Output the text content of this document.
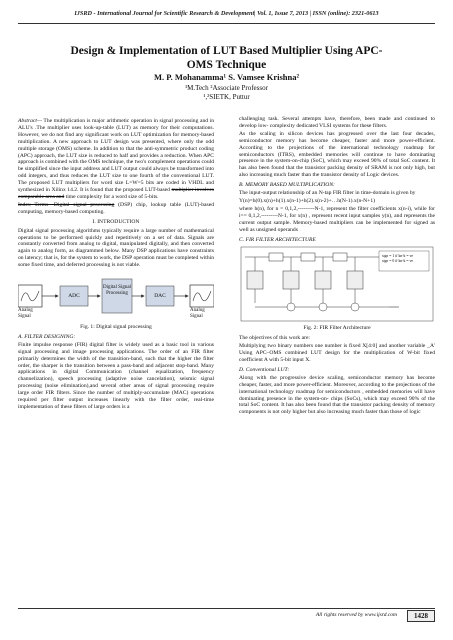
IJSRD - International Journal for Scientific Research & Development| Vol. 1, Issue 7, 2013 | ISSN (online): 2321-0613
Design & Implementation of LUT Based Multiplier Using APC-
OMS Technique
M. P. Mohanamma¹ S. Vamsee Krishna²
¹M.Tech ²Associate Professor
¹,²SIETK, Puttur

Abstract— The multiplication is major arithmetic operation in signal processing and in ALU's .The multiplier uses look-up-table (LUT) as memory for their computations. However, we do not find any significant work on LUT optimization for memory-based multiplication. A new approach to LUT design was presented, where only the odd multiple storage (OMS) scheme. In addition to that the anti-symmetric product coding (APC) approach, the LUT size is reduced to half and provides a reduction. When APC approach is combined with the OMS technique, the two's complement operations could be simplified since the input address and LUT output could always be transformed into odd integers, and thus reduces the LUT size to one fourth of the conventional LUT. The proposed LUT multipliers for word size L=W=5 bits are coded in VHDL and synthesized in Xilinx 14.2. It is found that the proposed LUT-based multiplier involves comparable area and time complexity for a word size of 5-bits.

Index Terms—Digital signal processing (DSP) chip, lookup table (LUT)-based computing, memory-based computing.

I. INTRODUCTION

Digital signal processing algorithms typically require a large number of mathematical operations to be performed quickly and repetitively on a set of data. Signals are constantly converted from analog to digital, manipulated digitally, and then converted again to analog form, as diagrammed below. Many DSP applications have constraints on latency; that is, for the system to work, the DSP operation must be completed within some fixed time, and deferred processing is not viable.

Analog Signal
ADC
Digital Signal Processing	DAC
Analog Signal
Fig. 1: Digital signal processing
A. FILTER DESIGNING:

Finite impulse response (FIR) digital filter is widely used as a basic tool in various signal processing and image processing applications. The order of an FIR filter primarily determines the width of the transition-band, such that the higher the filter order, the sharper is the transition between a pass-band and adjacent stop-band. Many applications in digital Communication (channel equalization, frequency channelization), speech processing (adaptive noise cancelation), seismic signal processing (noise elimination),and several other areas of signal processing require large order FIR filters. Since the number of multiply-accumulate (MAC) operations required per filter output increases linearly with the filter order, real-time implementation of these filters of large orders is a

challenging task. Several attempts have, therefore, been made and continued to develop low- complexity dedicated VLSI systems for these filters.

As the scaling in silicon devices has progressed over the last four decades, semiconductor memory has become cheaper, faster and more power-efficient. According to the projections of the international technology roadmap for semiconductors (ITRS), embedded memories will continue to have dominating presence in the system-on-chip (SoC), which may exceed 90% of total SoC content. It has also been found that the transistor packing density of SRAM is not only high, but also increasing much faster than the transistor density of Logic devices.

B. MEMORY BASED MULTIPLICATION:

The input-output relationship of an N-tap FIR filter in time-domain is given by

Y(n)=h(0).x(n)+h(1).x(n-1)+h(2).x(n-2)+…h(N-1).x(n-N+1)

where h(n), for n = 0,1,2,---------N-1, represent the filter coefficients x(n-i), while for i== 0,1,2,---------N-1, for x(n) , represent recent input samples y(n), and represents the current output sample. Memory-based multipliers can be implemented for signed as well as unsigned operands

C. FIR FILTER ARCHITECTURE
sign = 1 if kn-k = ve
sign = 0 if kn-k = ve
Fig. 2: FIR Filter Architecture

The objectives of this work are:

Multiplying two binary numbers one number is fixed X[4:0] and another variable _A' Using APC–OMS combined LUT design for the multiplication of W-bit fixed coefficient A with 5-bit input X.

D. Conventional LUT:

Along with the progressive device scaling, semiconductor memory has become cheaper, faster, and more power-efficient. Moreover, according to the projections of the international technology roadmap for semiconductors , embedded memories will have dominating presence in the system-on- chips (SoCs), which may exceed 90% of the total SoC content. It has also been found that the transistor packing density of memory components is not only higher but also increasing much faster than those of logic

All rights reserved by www.ijsrd.com	1428
